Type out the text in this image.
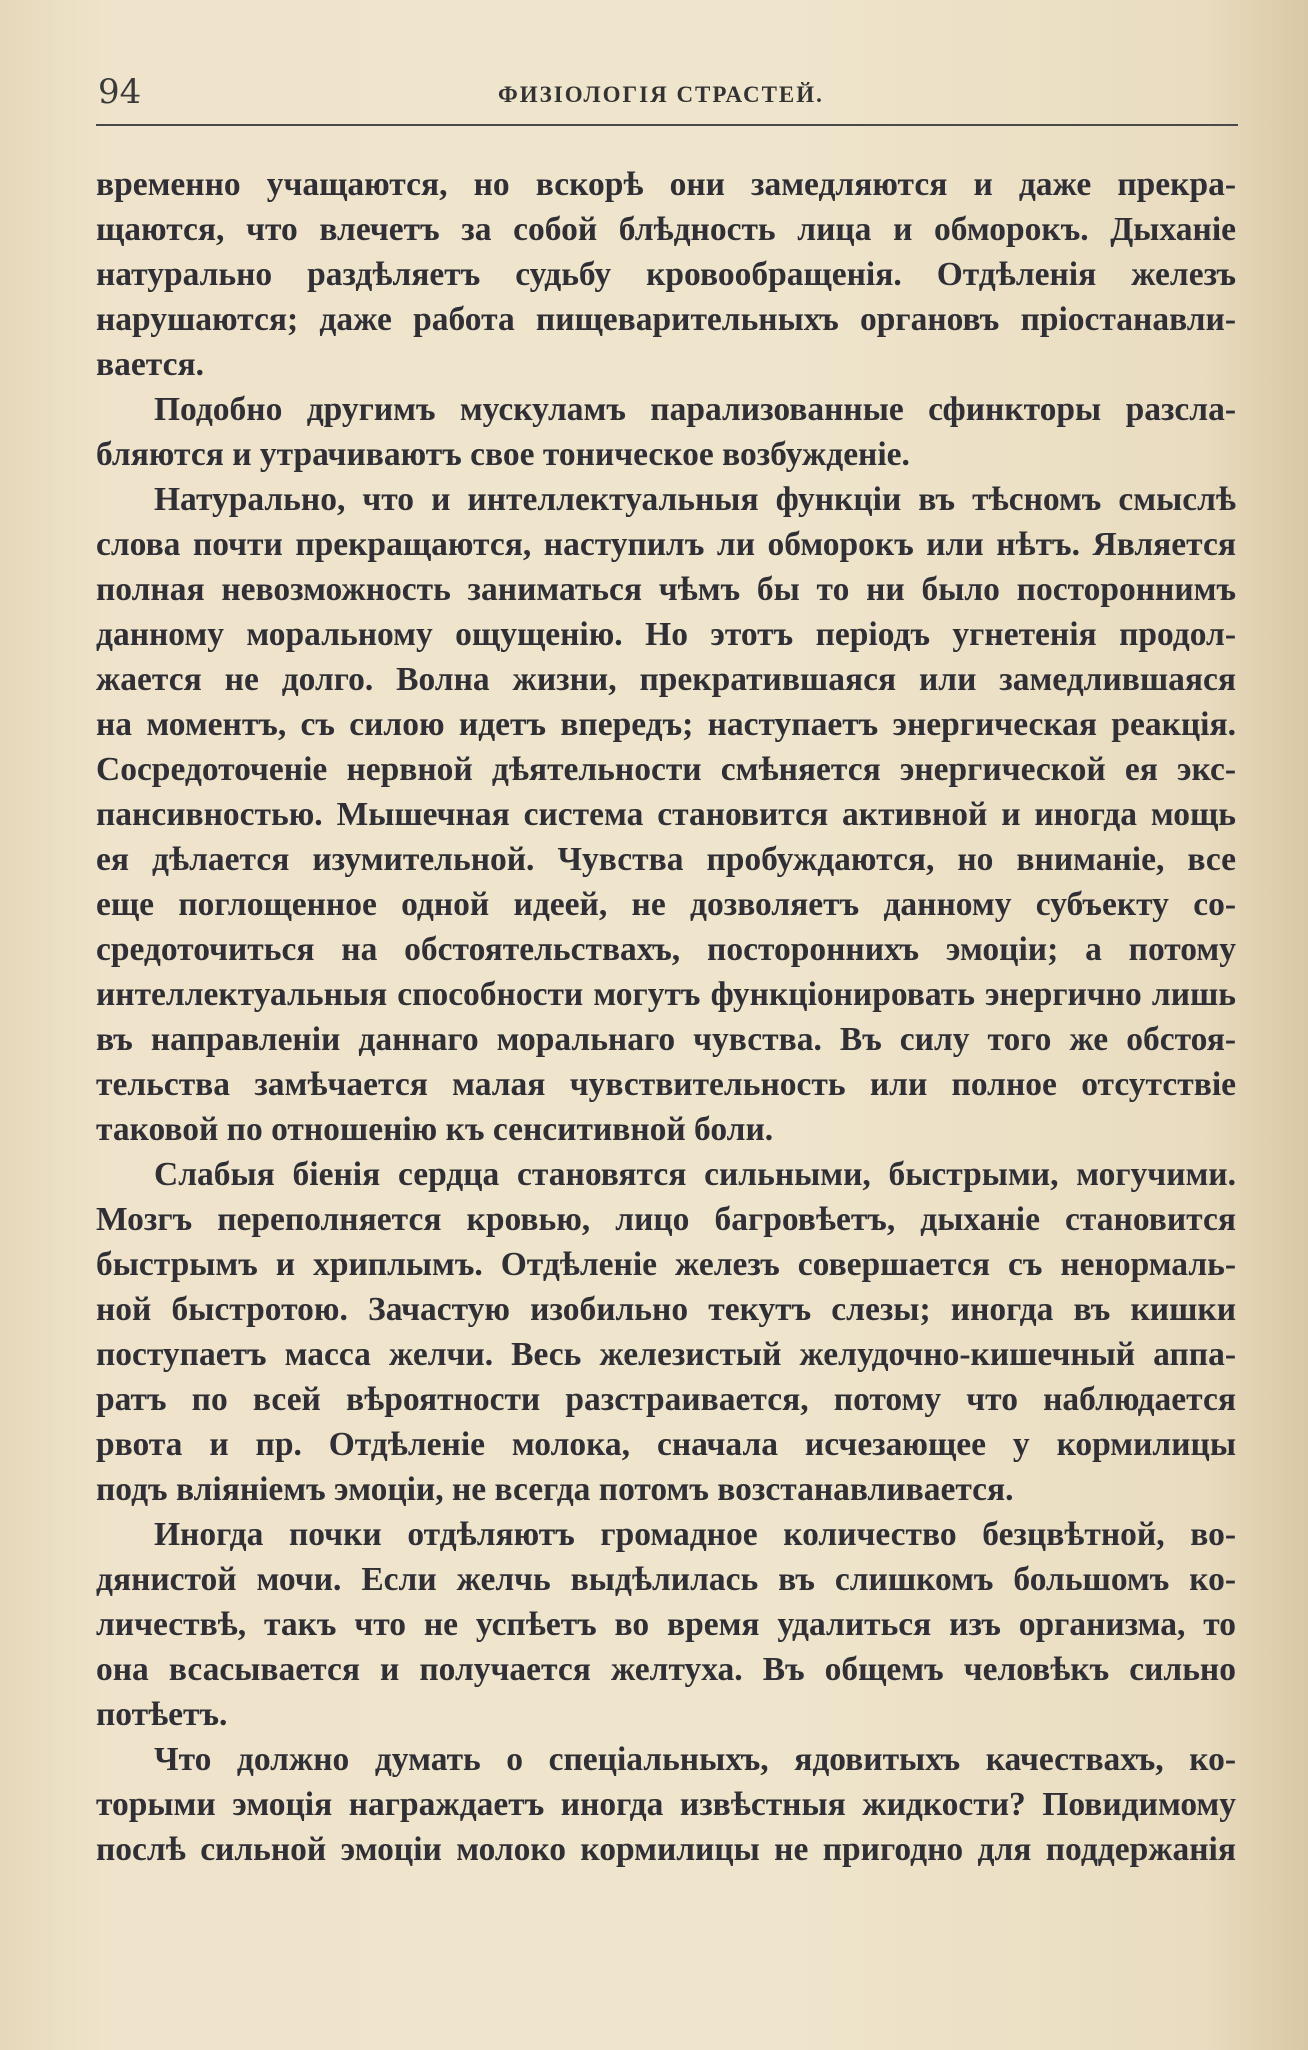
94	ФИЗІОЛОГІЯ СТРАСТЕЙ.
временно учащаются, но вскорѣ они замедляются и даже прекра-
щаются, что влечетъ за собой блѣдность лица и обморокъ. Дыханіе
натурально раздѣляетъ судьбу кровообращенія. Отдѣленія железъ
нарушаются; даже работа пищеварительныхъ органовъ пріостанавли-
вается.
Подобно другимъ мускуламъ парализованные сфинкторы разсла-
бляются и утрачиваютъ свое тоническое возбужденіе.
Натурально, что и интеллектуальныя функціи въ тѣсномъ смыслѣ
слова почти прекращаются, наступилъ ли обморокъ или нѣтъ. Является
полная невозможность заниматься чѣмъ бы то ни было постороннимъ
данному моральному ощущенію. Но этотъ періодъ угнетенія продол-
жается не долго. Волна жизни, прекратившаяся или замедлившаяся
на моментъ, съ силою идетъ впередъ; наступаетъ энергическая реакція.
Сосредоточеніе нервной дѣятельности смѣняется энергической ея экс-
пансивностью. Мышечная система становится активной и иногда мощь
ея дѣлается изумительной. Чувства пробуждаются, но вниманіе, все
еще поглощенное одной идеей, не дозволяетъ данному субъекту со-
средоточиться на обстоятельствахъ, постороннихъ эмоціи; а потому
интеллектуальныя способности могутъ функціонировать энергично лишь
въ направленіи даннаго моральнаго чувства. Въ силу того же обстоя-
тельства замѣчается малая чувствительность или полное отсутствіе
таковой по отношенію къ сенситивной боли.
Слабыя біенія сердца становятся сильными, быстрыми, могучими.
Мозгъ переполняется кровью, лицо багровѣетъ, дыханіе становится
быстрымъ и хриплымъ. Отдѣленіе железъ совершается съ ненормаль-
ной быстротою. Зачастую изобильно текутъ слезы; иногда въ кишки
поступаетъ масса желчи. Весь железистый желудочно-кишечный аппа-
ратъ по всей вѣроятности разстраивается, потому что наблюдается
рвота и пр. Отдѣленіе молока, сначала исчезающее у кормилицы
подъ вліяніемъ эмоціи, не всегда потомъ возстанавливается.
Иногда почки отдѣляютъ громадное количество безцвѣтной, во-
дянистой мочи. Если желчь выдѣлилась въ слишкомъ большомъ ко-
личествѣ, такъ что не успѣетъ во время удалиться изъ организма, то
она всасывается и получается желтуха. Въ общемъ человѣкъ сильно
потѣетъ.
Что должно думать о спеціальныхъ, ядовитыхъ качествахъ, ко-
торыми эмоція награждаетъ иногда извѣстныя жидкости? Повидимому
послѣ сильной эмоціи молоко кормилицы не пригодно для поддержанія
